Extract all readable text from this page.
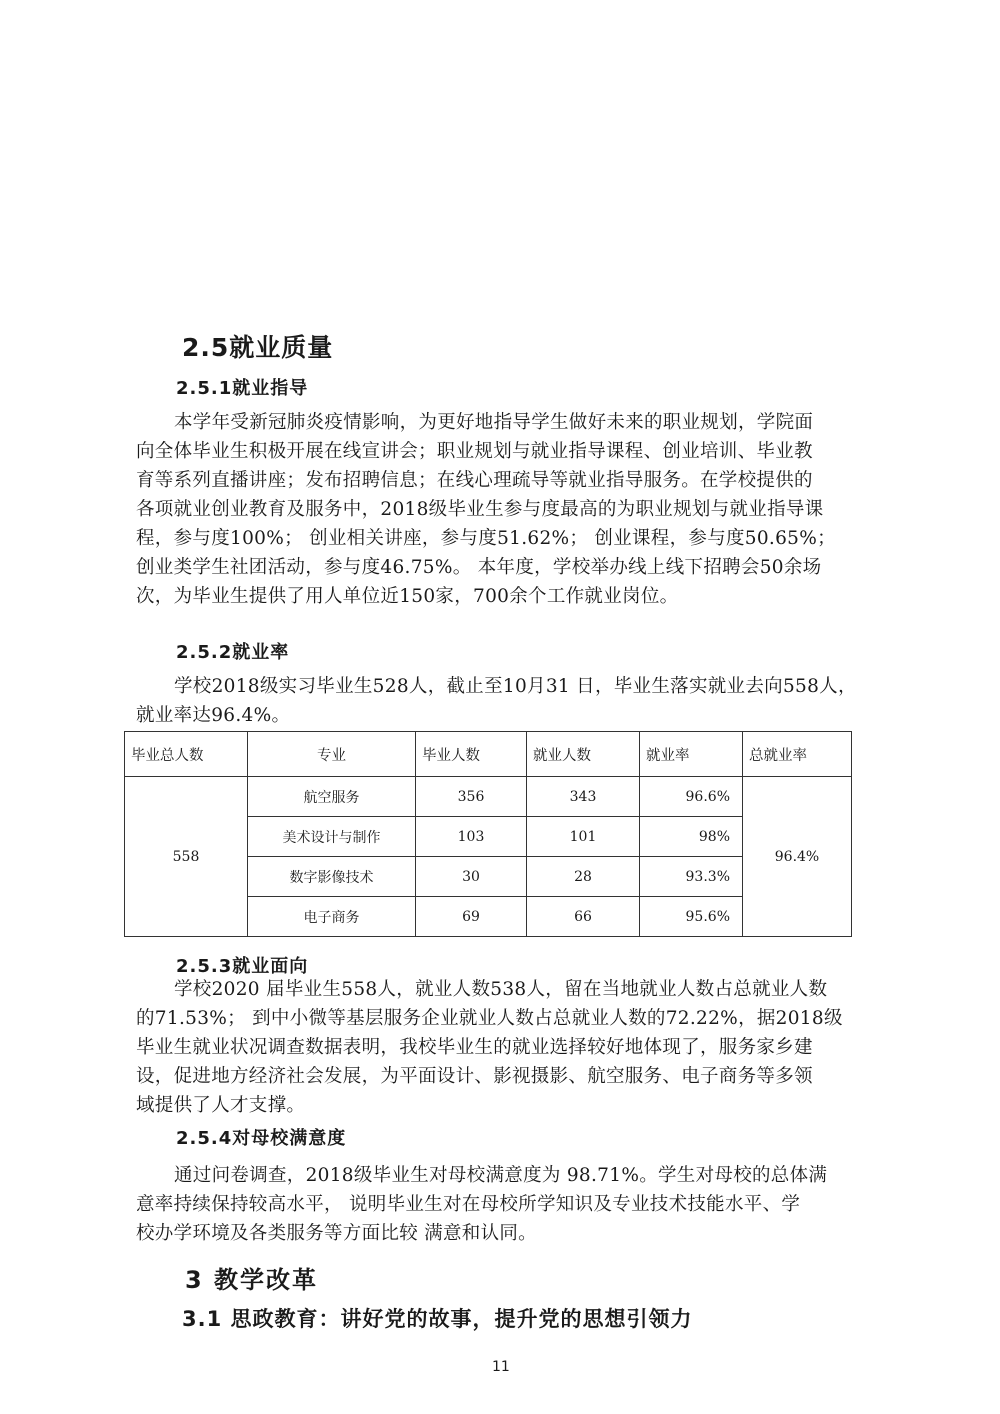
2.5就业质量
2.5.1就业指导
本学年受新冠肺炎疫情影响，为更好地指导学生做好未来的职业规划，学院面
向全体毕业生积极开展在线宣讲会；职业规划与就业指导课程、创业培训、毕业教
育等系列直播讲座；发布招聘信息；在线心理疏导等就业指导服务。在学校提供的
各项就业创业教育及服务中，2018级毕业生参与度最高的为职业规划与就业指导课
程，参与度100%； 创业相关讲座，参与度51.62%； 创业课程，参与度50.65%；
创业类学生社团活动，参与度46.75%。 本年度，学校举办线上线下招聘会50余场
次，为毕业生提供了用人单位近150家，700余个工作就业岗位。
2.5.2就业率
学校2018级实习毕业生528人，截止至10月31 日，毕业生落实就业去向558人，
就业率达96.4%。
毕业总人数	专业	毕业人数	就业人数	就业率	总就业率
558	航空服务	356	343	96.6%	96.4%
	美术设计与制作	103	101	98%	
	数字影像技术	30	28	93.3%	
	电子商务	69	66	95.6%	
2.5.3就业面向
学校2020 届毕业生558人，就业人数538人，留在当地就业人数占总就业人数
的71.53%； 到中小微等基层服务企业就业人数占总就业人数的72.22%，据2018级
毕业生就业状况调查数据表明，我校毕业生的就业选择较好地体现了，服务家乡建
设，促进地方经济社会发展，为平面设计、影视摄影、航空服务、电子商务等多领
域提供了人才支撑。
2.5.4对母校满意度
通过问卷调查，2018级毕业生对母校满意度为 98.71%。学生对母校的总体满
意率持续保持较高水平， 说明毕业生对在母校所学知识及专业技术技能水平、学
校办学环境及各类服务等方面比较 满意和认同。
3 教学改革
3.1 思政教育：讲好党的故事，提升党的思想引领力
11
